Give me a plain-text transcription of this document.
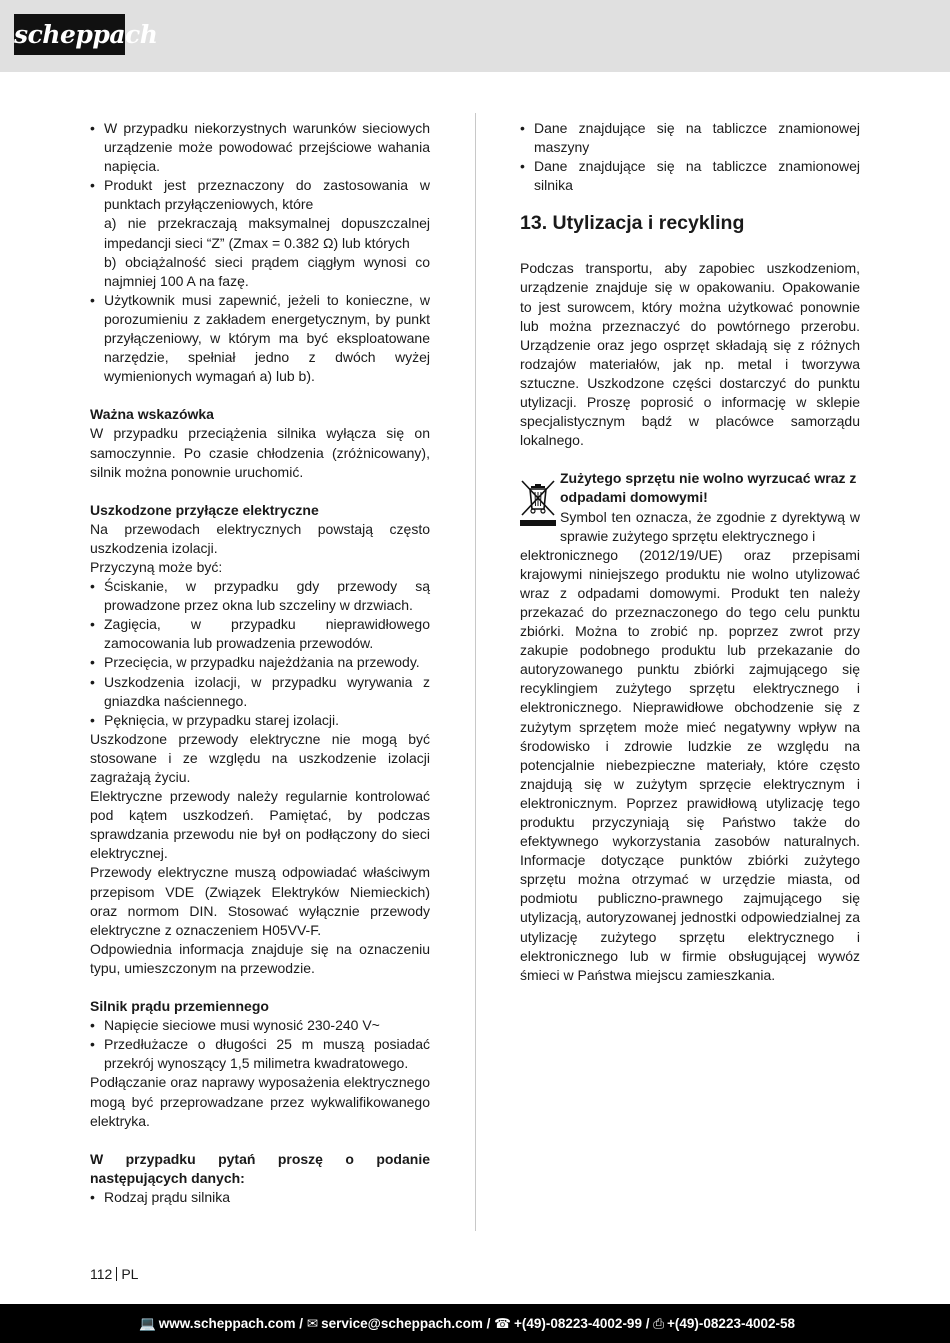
scheppach
• W przypadku niekorzystnych warunków sieciowych urządzenie może powodować przejściowe wahania napięcia.
• Produkt jest przeznaczony do zastosowania w punktach przyłączeniowych, które
a) nie przekraczają maksymalnej dopuszczalnej impedancji sieci “Z” (Zmax = 0.382 Ω) lub których
b) obciążalność sieci prądem ciągłym wynosi co najmniej 100 A na fazę.
• Użytkownik musi zapewnić, jeżeli to konieczne, w porozumieniu z zakładem energetycznym, by punkt przyłączeniowy, w którym ma być eksploatowane narzędzie, spełniał jedno z dwóch wyżej wymienionych wymagań a) lub b).

Ważna wskazówka

W przypadku przeciążenia silnika wyłącza się on samoczynnie. Po czasie chłodzenia (zróżnicowany), silnik można ponownie uruchomić.

Uszkodzone przyłącze elektryczne

Na przewodach elektrycznych powstają często uszkodzenia izolacji.

Przyczyną może być:

• Ściskanie, w przypadku gdy przewody są prowadzone przez okna lub szczeliny w drzwiach.
• Zagięcia, w przypadku nieprawidłowego zamocowania lub prowadzenia przewodów.
• Przecięcia, w przypadku najeżdżania na przewody.
• Uszkodzenia izolacji, w przypadku wyrywania z gniazdka naściennego.
• Pęknięcia, w przypadku starej izolacji.

Uszkodzone przewody elektryczne nie mogą być stosowane i ze względu na uszkodzenie izolacji zagrażają życiu.

Elektryczne przewody należy regularnie kontrolować pod kątem uszkodzeń. Pamiętać, by podczas sprawdzania przewodu nie był on podłączony do sieci elektrycznej.

Przewody elektryczne muszą odpowiadać właściwym przepisom VDE (Związek Elektryków Niemieckich) oraz normom DIN. Stosować wyłącznie przewody elektryczne z oznaczeniem H05VV-F.

Odpowiednia informacja znajduje się na oznaczeniu typu, umieszczonym na przewodzie.

Silnik prądu przemiennego

• Napięcie sieciowe musi wynosić 230-240 V~
• Przedłużacze o długości 25 m muszą posiadać przekrój wynoszący 1,5 milimetra kwadratowego.

Podłączanie oraz naprawy wyposażenia elektrycznego mogą być przeprowadzane przez wykwalifikowanego elektryka.

W przypadku pytań proszę o podanie następujących danych:

• Rodzaj prądu silnika
• Dane znajdujące się na tabliczce znamionowej maszyny
• Dane znajdujące się na tabliczce znamionowej silnika
13. Utylizacja i recykling

Podczas transportu, aby zapobiec uszkodzeniom, urządzenie znajduje się w opakowaniu. Opakowanie to jest surowcem, który można użytkować ponownie lub można przeznaczyć do powtórnego przerobu. Urządzenie oraz jego osprzęt składają się z różnych rodzajów materiałów, jak np. metal i tworzywa sztuczne. Uszkodzone części dostarczyć do punktu utylizacji. Proszę poprosić o informację w sklepie specjalistycznym bądź w placówce samorządu lokalnego.

Zużytego sprzętu nie wolno wyrzucać wraz z odpadami domowymi!

Symbol ten oznacza, że zgodnie z dyrektywą w sprawie zużytego sprzętu elektrycznego i

elektronicznego (2012/19/UE) oraz przepisami krajowymi niniejszego produktu nie wolno utylizować wraz z odpadami domowymi. Produkt ten należy przekazać do przeznaczonego do tego celu punktu zbiórki. Można to zrobić np. poprzez zwrot przy zakupie podobnego produktu lub przekazanie do autoryzowanego punktu zbiórki zajmującego się recyklingiem zużytego sprzętu elektrycznego i elektronicznego. Nieprawidłowe obchodzenie się z zużytym sprzętem może mieć negatywny wpływ na środowisko i zdrowie ludzkie ze względu na potencjalnie niebezpieczne materiały, które często znajdują się w zużytym sprzęcie elektrycznym i elektronicznym. Poprzez prawidłową utylizację tego produktu przyczyniają się Państwo także do efektywnego wykorzystania zasobów naturalnych. Informacje dotyczące punktów zbiórki zużytego sprzętu można otrzymać w urzędzie miasta, od podmiotu publiczno-prawnego zajmującego się utylizacją, autoryzowanej jednostki odpowiedzialnej za utylizację zużytego sprzętu elektrycznego i elektronicznego lub w firmie obsługującej wywóz śmieci w Państwa miejscu zamieszkania.

112 PL
💻 www.scheppach.com / ✉ service@scheppach.com / ☎ +(49)-08223-4002-99 / ⎙ +(49)-08223-4002-58
